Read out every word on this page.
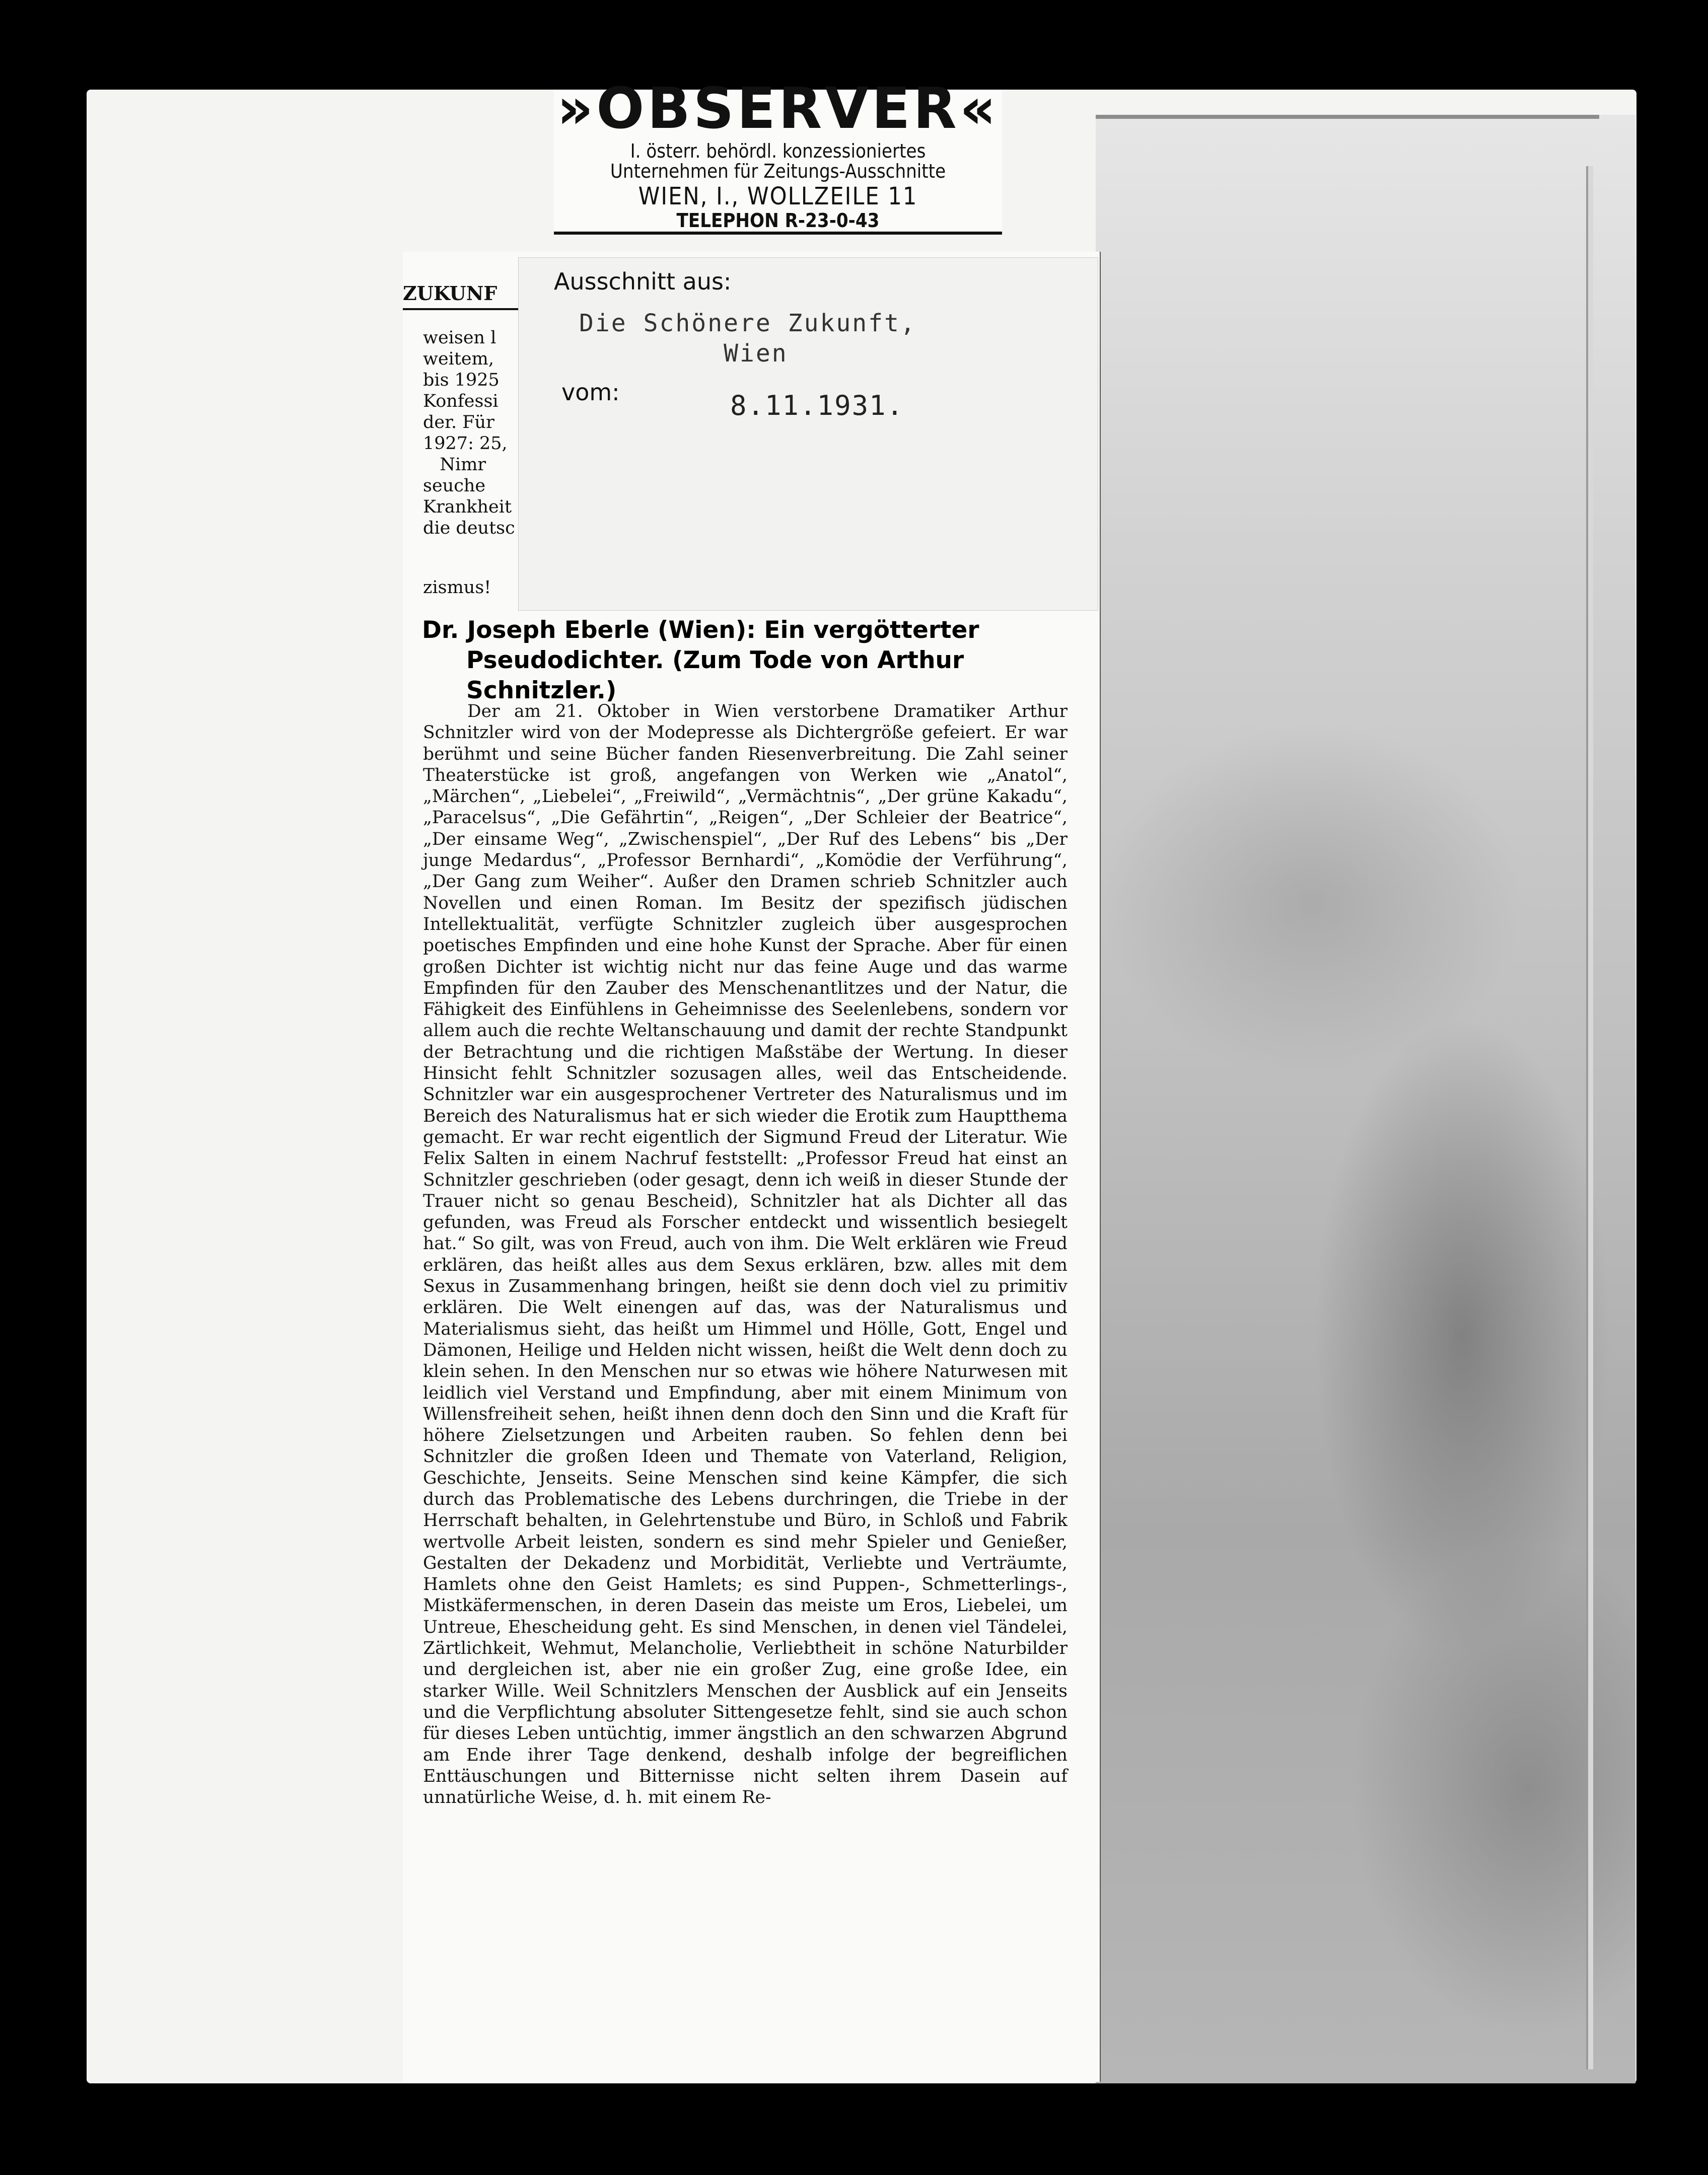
ZUKUNF
weisen l
weitem,
bis 1925
Konfessi
der. Für
1927: 25,
Nimr
seuche
Krankheit
die deutsc
zismus!
»OBSERVER«
I. österr. behördl. konzessioniertes
Unternehmen für Zeitungs-Ausschnitte
WIEN, I., WOLLZEILE 11
TELEPHON R-23-0-43
Ausschnitt aus:
Die Schönere Zukunft,
Wien
vom:	8.11.1931.
Dr. Joseph Eberle (Wien): Ein vergötterter
Pseudodichter. (Zum Tode von Arthur
Schnitzler.)

Der am 21. Oktober in Wien verstorbene Dramatiker Arthur Schnitzler wird von der Modepresse als Dichtergröße gefeiert. Er war berühmt und seine Bücher fanden Riesenverbreitung. Die Zahl seiner Theaterstücke ist groß, angefangen von Werken wie „Anatol“, „Märchen“, „Liebelei“, „Freiwild“, „Vermächtnis“, „Der grüne Kakadu“, „Paracelsus“, „Die Gefährtin“, „Reigen“, „Der Schleier der Beatrice“, „Der einsame Weg“, „Zwischenspiel“, „Der Ruf des Lebens“ bis „Der junge Medardus“, „Professor Bernhardi“, „Komödie der Verführung“, „Der Gang zum Weiher“. Außer den Dramen schrieb Schnitzler auch Novellen und einen Roman. Im Besitz der spezifisch jüdischen Intellektualität, verfügte Schnitzler zugleich über ausgesprochen poetisches Empfinden und eine hohe Kunst der Sprache. Aber für einen großen Dichter ist wichtig nicht nur das feine Auge und das warme Empfinden für den Zauber des Menschenantlitzes und der Natur, die Fähigkeit des Einfühlens in Geheimnisse des Seelenlebens, sondern vor allem auch die rechte Weltanschauung und damit der rechte Standpunkt der Betrachtung und die richtigen Maßstäbe der Wertung. In dieser Hinsicht fehlt Schnitzler sozusagen alles, weil das Entscheidende. Schnitzler war ein ausgesprochener Vertreter des Naturalismus und im Bereich des Naturalismus hat er sich wieder die Erotik zum Hauptthema gemacht. Er war recht eigentlich der Sigmund Freud der Literatur. Wie Felix Salten in einem Nachruf feststellt: „Professor Freud hat einst an Schnitzler geschrieben (oder gesagt, denn ich weiß in dieser Stunde der Trauer nicht so genau Bescheid), Schnitzler hat als Dichter all das gefunden, was Freud als Forscher entdeckt und wissentlich besiegelt hat.“ So gilt, was von Freud, auch von ihm. Die Welt erklären wie Freud erklären, das heißt alles aus dem Sexus erklären, bzw. alles mit dem Sexus in Zusammenhang bringen, heißt sie denn doch viel zu primitiv erklären. Die Welt einengen auf das, was der Naturalismus und Materialismus sieht, das heißt um Himmel und Hölle, Gott, Engel und Dämonen, Heilige und Helden nicht wissen, heißt die Welt denn doch zu klein sehen. In den Menschen nur so etwas wie höhere Naturwesen mit leidlich viel Verstand und Empfindung, aber mit einem Minimum von Willensfreiheit sehen, heißt ihnen denn doch den Sinn und die Kraft für höhere Zielsetzungen und Arbeiten rauben. So fehlen denn bei Schnitzler die großen Ideen und Themate von Vaterland, Religion, Geschichte, Jenseits. Seine Menschen sind keine Kämpfer, die sich durch das Problematische des Lebens durchringen, die Triebe in der Herrschaft behalten, in Gelehrtenstube und Büro, in Schloß und Fabrik wertvolle Arbeit leisten, sondern es sind mehr Spieler und Genießer, Gestalten der Dekadenz und Morbidität, Verliebte und Verträumte, Hamlets ohne den Geist Hamlets; es sind Puppen-, Schmetterlings-, Mistkäfermenschen, in deren Dasein das meiste um Eros, Liebelei, um Untreue, Ehescheidung geht. Es sind Menschen, in denen viel Tändelei, Zärtlichkeit, Wehmut, Melancholie, Verliebtheit in schöne Naturbilder und dergleichen ist, aber nie ein großer Zug, eine große Idee, ein starker Wille. Weil Schnitzlers Menschen der Ausblick auf ein Jenseits und die Verpflichtung absoluter Sittengesetze fehlt, sind sie auch schon für dieses Leben untüchtig, immer ängstlich an den schwarzen Abgrund am Ende ihrer Tage denkend, deshalb infolge der begreiflichen Enttäuschungen und Bitternisse nicht selten ihrem Dasein auf unnatürliche Weise, d. h. mit einem Re-
